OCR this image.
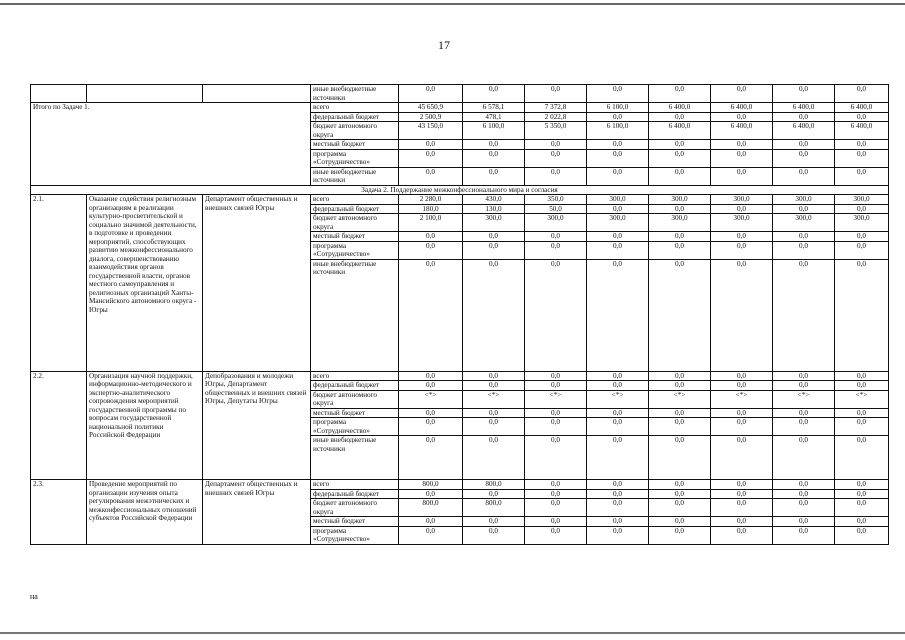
17
			иные внебюджетные источники	0,0	0,0	0,0	0,0	0,0	0,0	0,0	0,0
Итого по Задаче 1.			всего	45 650,9	6 578,1	7 372,8	6 100,0	6 400,0	6 400,0	6 400,0	6 400,0
			федеральный бюджет	2 500,9	478,1	2 022,8	0,0	0,0	0,0	0,0	0,0
			бюджет автономного округа	43 150,0	6 100,0	5 350,0	6 100,0	6 400,0	6 400,0	6 400,0	6 400,0
			местный бюджет	0,0	0,0	0,0	0,0	0,0	0,0	0,0	0,0
			программа «Сотрудничество»	0,0	0,0	0,0	0,0	0,0	0,0	0,0	0,0
			иные внебюджетные источники	0,0	0,0	0,0	0,0	0,0	0,0	0,0	0,0
Задача 2. Поддержание межконфессионального мира и согласия											
2.1.	Оказание содействия религиозным организациям в реализации культурно-просветительской и социально значимой деятельности, в подготовке и проведении мероприятий, способствующих развитию межконфессионального диалога, совершенствованию взаимодействия органов государственной власти, органов местного самоуправления и религиозных организаций Ханты-Мансийского автономного округа - Югры	Департамент общественных и внешних связей Югры	всего	2 280,0	430,0	350,0	300,0	300,0	300,0	300,0	300,0
			федеральный бюджет	180,0	130,0	50,0	0,0	0,0	0,0	0,0	0,0
			бюджет автономного округа	2 100,0	300,0	300,0	300,0	300,0	300,0	300,0	300,0
			местный бюджет	0,0	0,0	0,0	0,0	0,0	0,0	0,0	0,0
			программа «Сотрудничество»	0,0	0,0	0,0	0,0	0,0	0,0	0,0	0,0
			иные внебюджетные источники	0,0	0,0	0,0	0,0	0,0	0,0	0,0	0,0
2.2.	Организация научной поддержки, информационно-методического и экспертно-аналитического сопровождения мероприятий государственной программы по вопросам государственной национальной политики Российской Федерации	Депобразования и молодежи Югры, Департамент общественных и внешних связей Югры, Депутаты Югры	всего	0,0	0,0	0,0	0,0	0,0	0,0	0,0	0,0
			федеральный бюджет	0,0	0,0	0,0	0,0	0,0	0,0	0,0	0,0
			бюджет автономного округа	<*>	<*>	<*>	<*>	<*>	<*>	<*>	<*>
			местный бюджет	0,0	0,0	0,0	0,0	0,0	0,0	0,0	0,0
			программа «Сотрудничество»	0,0	0,0	0,0	0,0	0,0	0,0	0,0	0,0
			иные внебюджетные источники	0,0	0,0	0,0	0,0	0,0	0,0	0,0	0,0
2.3.	Проведение мероприятий по организации изучения опыта регулирования межэтнических и межконфессиональных отношений субъектов Российской Федерации	Департамент общественных и внешних связей Югры	всего	800,0	800,0	0,0	0,0	0,0	0,0	0,0	0,0
			федеральный бюджет	0,0	0,0	0,0	0,0	0,0	0,0	0,0	0,0
			бюджет автономного округа	800,0	800,0	0,0	0,0	0,0	0,0	0,0	0,0
			местный бюджет	0,0	0,0	0,0	0,0	0,0	0,0	0,0	0,0
			программа «Сотрудничество»	0,0	0,0	0,0	0,0	0,0	0,0	0,0	0,0
на
